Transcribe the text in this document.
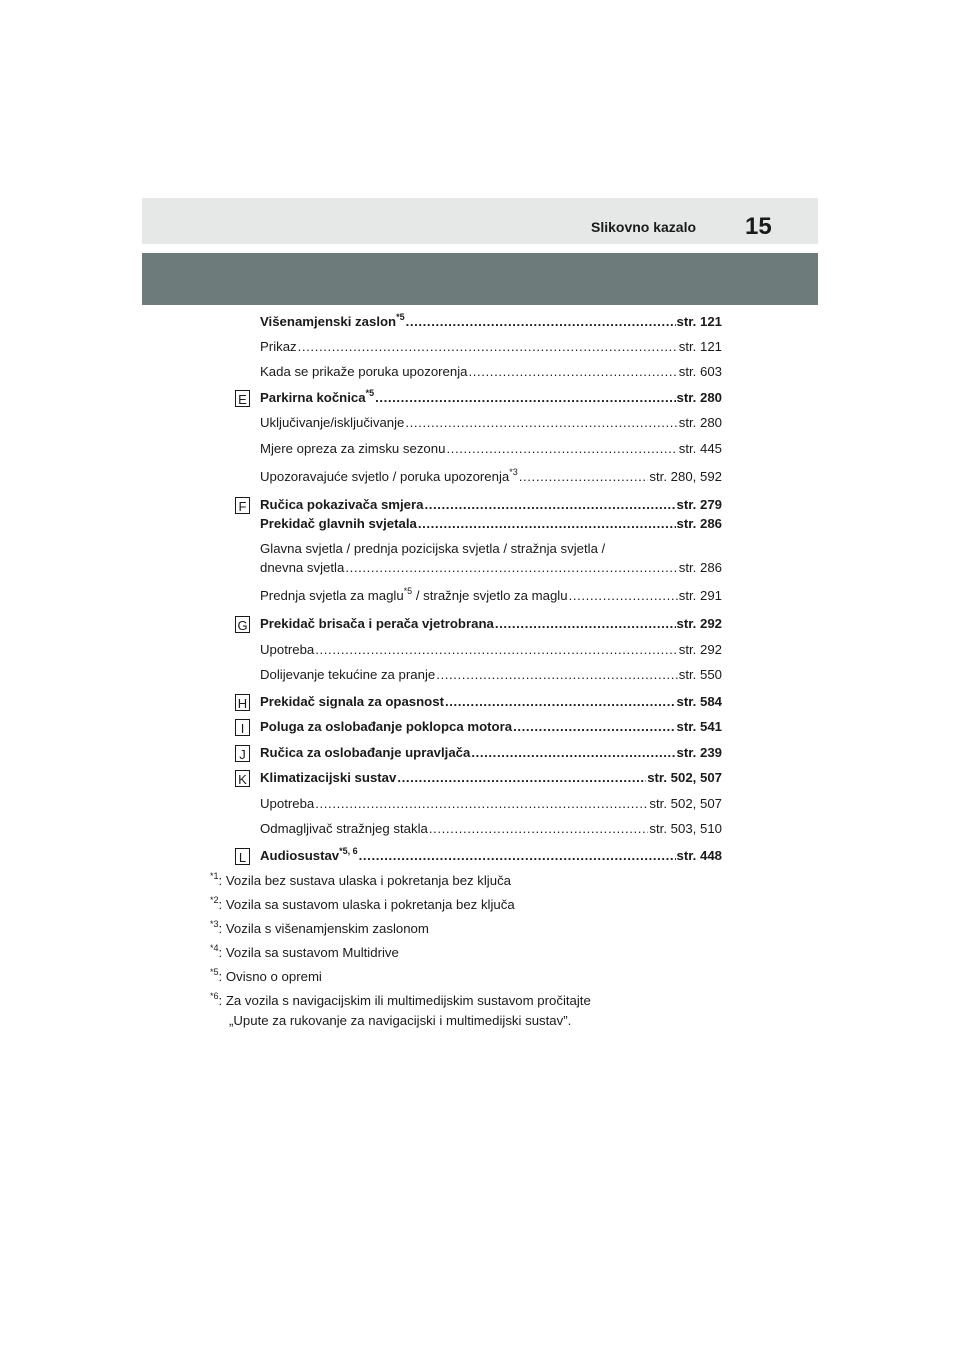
Slikovno kazalo 15
Višenamjenski zaslon$^{*5}$ .....	str. 121
Prikaz .....	str. 121
Kada se prikaže poruka upozorenja .....	str. 603
E Parkirna kočnica$^{*5}$ .....	str. 280
Uključivanje/isključivanje .....	str. 280
Mjere opreza za zimsku sezonu .....	str. 445
Upozoravajuće svjetlo / poruka upozorenja$^{*3}$ .....	str. 280, 592
F Ručica pokazivača smjera .....	str. 279
Prekidač glavnih svjetala .....	str. 286
Glavna svjetla / prednja pozicijska svjetla / stražnja svjetla /
dnevna svjetla .....	str. 286
Prednja svjetla za maglu$^{*5}$ / stražnje svjetlo za maglu .....	str. 291
G Prekidač brisača i perača vjetrobrana .....	str. 292
Upotreba .....	str. 292
Dolijevanje tekućine za pranje .....	str. 550
H Prekidač signala za opasnost .....	str. 584
I	Poluga za oslobađanje poklopca motora .....	str. 541
J	Ručica za oslobađanje upravljača .....	str. 239
K Klimatizacijski sustav .....	str. 502, 507
Upotreba .....	str. 502, 507
Odmagljivač stražnjeg stakla .....	str. 503, 510
L Audiosustav$^{*5, 6}$ .....	str. 448
$^{*1}$: Vozila bez sustava ulaska i pokretanja bez ključa
$^{*2}$: Vozila sa sustavom ulaska i pokretanja bez ključa
$^{*3}$: Vozila s višenamjenskim zaslonom
$^{*4}$: Vozila sa sustavom Multidrive
$^{*5}$: Ovisno o opremi
$^{*6}$: Za vozila s navigacijskim ili multimedijskim sustavom pročitajte
„Upute za rukovanje za navigacijski i multimedijski sustav”.
